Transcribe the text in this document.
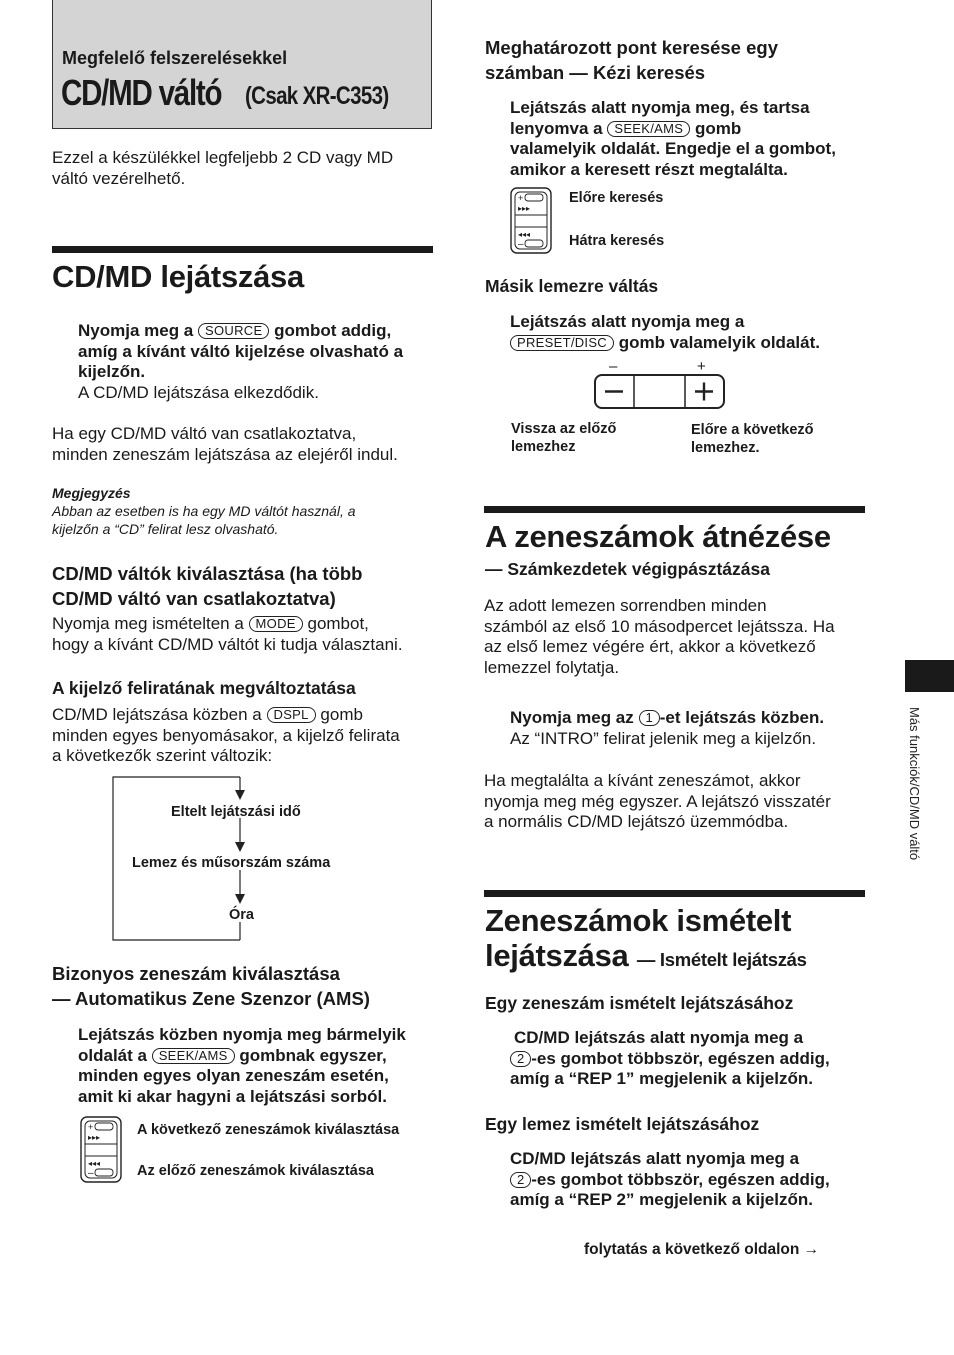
Megfelelő felszerelésekkel
CD/MD váltó (Csak XR-C353)
Ezzel a készülékkel legfeljebb 2 CD vagy MD
váltó vezérelhető.
CD/MD lejátszása
Nyomja meg a SOURCE gombot addig,
amíg a kívánt váltó kijelzése olvasható a
kijelzőn.
A CD/MD lejátszása elkezdődik.
Ha egy CD/MD váltó van csatlakoztatva,
minden zeneszám lejátszása az elejéről indul.
Megjegyzés
Abban az esetben is ha egy MD váltót használ, a
kijelzőn a “CD” felirat lesz olvasható.
CD/MD váltók kiválasztása (ha több
CD/MD váltó van csatlakoztatva)
Nyomja meg ismételten a MODE gombot,
hogy a kívánt CD/MD váltót ki tudja választani.
A kijelző feliratának megváltoztatása
CD/MD lejátszása közben a DSPL gomb
minden egyes benyomásakor, a kijelző felirata
a következők szerint változik:
Eltelt lejátszási idő
Lemez és műsorszám száma
Óra
Bizonyos zeneszám kiválasztása
— Automatikus Zene Szenzor (AMS)
Lejátszás közben nyomja meg bármelyik
oldalát a SEEK/AMS gombnak egyszer,
minden egyes olyan zeneszám esetén,
amit ki akar hagyni a lejátszási sorból.
+
▸▸▸
◂◂◂
–
A következő zeneszámok kiválasztása
Az előző zeneszámok kiválasztása
Meghatározott pont keresése egy
számban — Kézi keresés
Lejátszás alatt nyomja meg, és tartsa
lenyomva a SEEK/AMS gomb
valamelyik oldalát. Engedje el a gombot,
amikor a keresett részt megtalálta.
+
▸▸▸
◂◂◂
–
Előre keresés
Hátra keresés
Másik lemezre váltás
Lejátszás alatt nyomja meg a
PRESET/DISC gomb valamelyik oldalát.
–	+
Vissza az előző
lemezhez
Előre a következő
lemezhez.
A zeneszámok átnézése
— Számkezdetek végigpásztázása
Az adott lemezen sorrendben minden
számból az első 10 másodpercet lejátssza. Ha
az első lemez végére ért, akkor a következő
lemezzel folytatja.
Nyomja meg az 1 -et lejátszás közben.
Az “INTRO” felirat jelenik meg a kijelzőn.
Ha megtalálta a kívánt zeneszámot, akkor
nyomja meg még egyszer. A lejátszó visszatér
a normális CD/MD lejátszó üzemmódba.
Zeneszámok ismételt
lejátszása — Ismételt lejátszás
Egy zeneszám ismételt lejátszásához
CD/MD lejátszás alatt nyomja meg a
2 -es gombot többször, egészen addig,
amíg a “REP 1” megjelenik a kijelzőn.
Egy lemez ismételt lejátszásához
CD/MD lejátszás alatt nyomja meg a
2 -es gombot többször, egészen addig,
amíg a “REP 2” megjelenik a kijelzőn.
folytatás a következő oldalon →
Más funkciók/CD/MD váltó
